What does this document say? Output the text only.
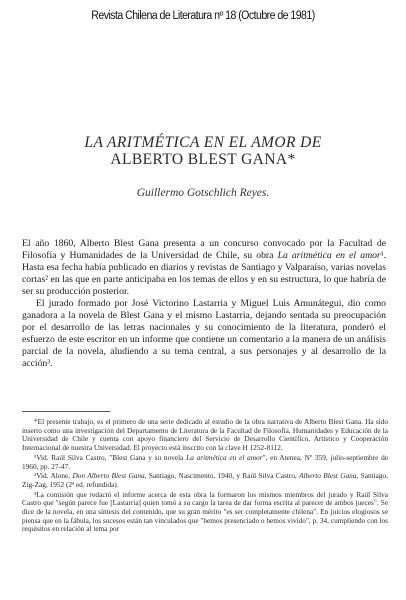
Revista Chilena de Literatura nº 18 (Octubre de 1981)
LA ARITMÉTICA EN EL AMOR DE
ALBERTO BLEST GANA*
Guillermo Gotschlich Reyes.

El año 1860, Alberto Blest Gana presenta a un concurso convocado por la Facultad de Filosofía y Humanidades de la Universidad de Chile, su obra La aritmética en el amor¹. Hasta esa fecha había publicado en diarios y revistas de Santiago y Valparaíso, varias novelas cortas² en las que en parte anticipaba en los temas de ellos y en su estructura, lo que habría de ser su producción posterior.

El jurado formado por José Victorino Lastarria y Miguel Luis Amunátegui, dio como ganadora a la novela de Blest Gana y el mismo Lastarria, dejando sentada su preocupación por el desarrollo de las letras nacionales y su conocimiento de la literatura, ponderó el esfuerzo de este escritor en un informe que contiene un comentario a la manera de un análisis parcial de la novela, aludiendo a su tema central, a sus personajes y al desarrollo de la acción³.

*El presente trabajo, es el primero de una serie dedicado al estudio de la obra narrativa de Alberto Blest Gana. Ha sido inserto como una investigación del Departamento de Literatura de la Facultad de Filosofía, Humanidades y Educación de la Universidad de Chile y cuenta con apoyo financiero del Servicio de Desarrollo Científico, Artístico y Cooperación Internacional de nuestra Universidad. El proyecto está inscrito con la clave H 1252-8112.

¹Vid. Raúl Silva Castro, "Blest Gana y su novela La aritmética en el amor", en Atenea, Nº 359, julio-septiembre de 1960, pp. 27-47.

²Vid. Alone, Don Alberto Blest Gana, Santiago, Nascimento, 1940, y Raúl Silva Castro, Alberto Blest Gana, Santiago, Zig-Zag, 1952 (2ª ed. refundida).

³La comisión que redactó el informe acerca de esta obra la formaron los mismos miembros del jurado y Raúl Silva Castro que "según parece fue [Lastarria] quien tomó a su cargo la tarea de dar forma escrita al parecer de ambos jueces". Se dice de la novela, en una síntesis del contenido, que su gran mérito "es ser completamente chilena". En juicios elogiosos se piensa que en la fábula, los sucesos están tan vinculados que "hemos presenciado o hemos vivido", p. 34, cumpliendo con los requisitos en relación al tema por
